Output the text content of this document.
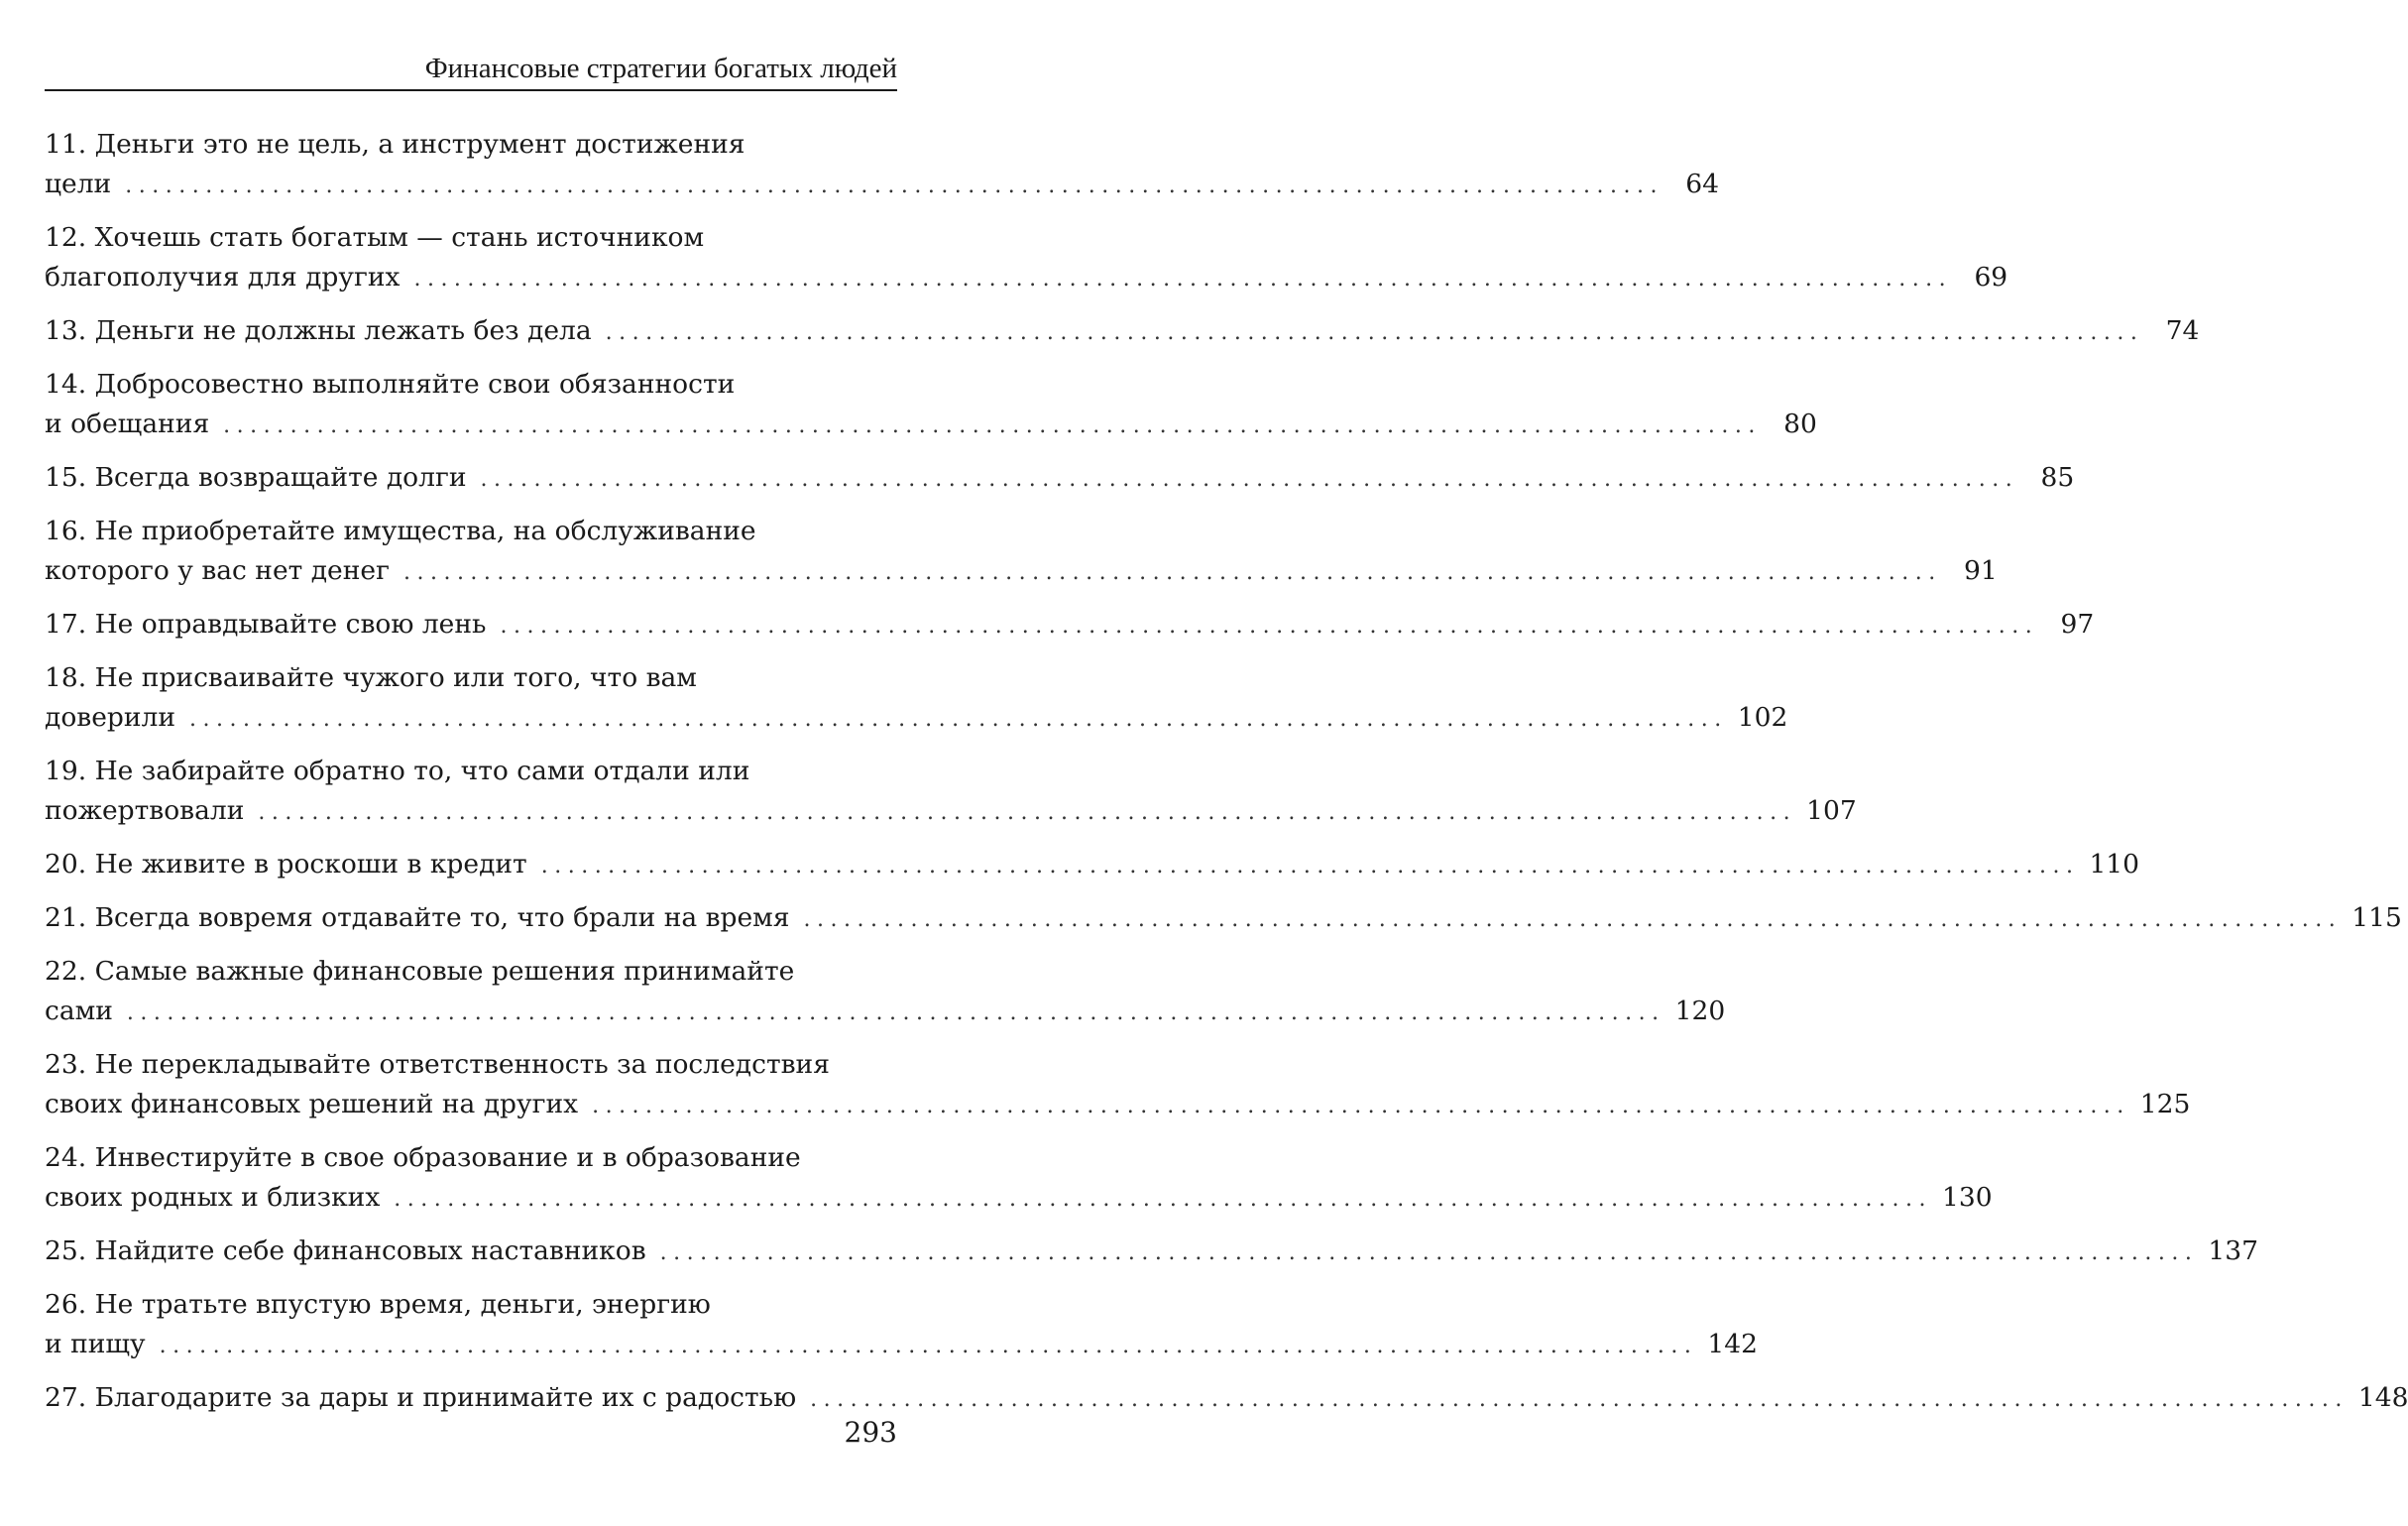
Финансовые стратегии богатых людей
11. Деньги это не цель, а инструмент достижения
цели ................................................................................................................... 64
12. Хочешь стать богатым — стань источником
благополучия для других ................................................................................................................... 69
13. Деньги не должны лежать без дела ................................................................................................................... 74
14. Добросовестно выполняйте свои обязанности
и обещания ................................................................................................................... 80
15. Всегда возвращайте долги ................................................................................................................... 85
16. Не приобретайте имущества, на обслуживание
которого у вас нет денег ................................................................................................................... 91
17. Не оправдывайте свою лень ................................................................................................................... 97
18. Не присваивайте чужого или того, что вам
доверили ................................................................................................................... 102
19. Не забирайте обратно то, что сами отдали или
пожертвовали ................................................................................................................... 107
20. Не живите в роскоши в кредит ................................................................................................................... 110
21. Всегда вовремя отдавайте то, что брали на время ................................................................................................................... 115
22. Самые важные финансовые решения принимайте
сами ................................................................................................................... 120
23. Не перекладывайте ответственность за последствия
своих финансовых решений на других ................................................................................................................... 125
24. Инвестируйте в свое образование и в образование
своих родных и близких ................................................................................................................... 130
25. Найдите себе финансовых наставников ................................................................................................................... 137
26. Не тратьте впустую время, деньги, энергию
и пищу ................................................................................................................... 142
27. Благодарите за дары и принимайте их с радостью ................................................................................................................... 148
293
